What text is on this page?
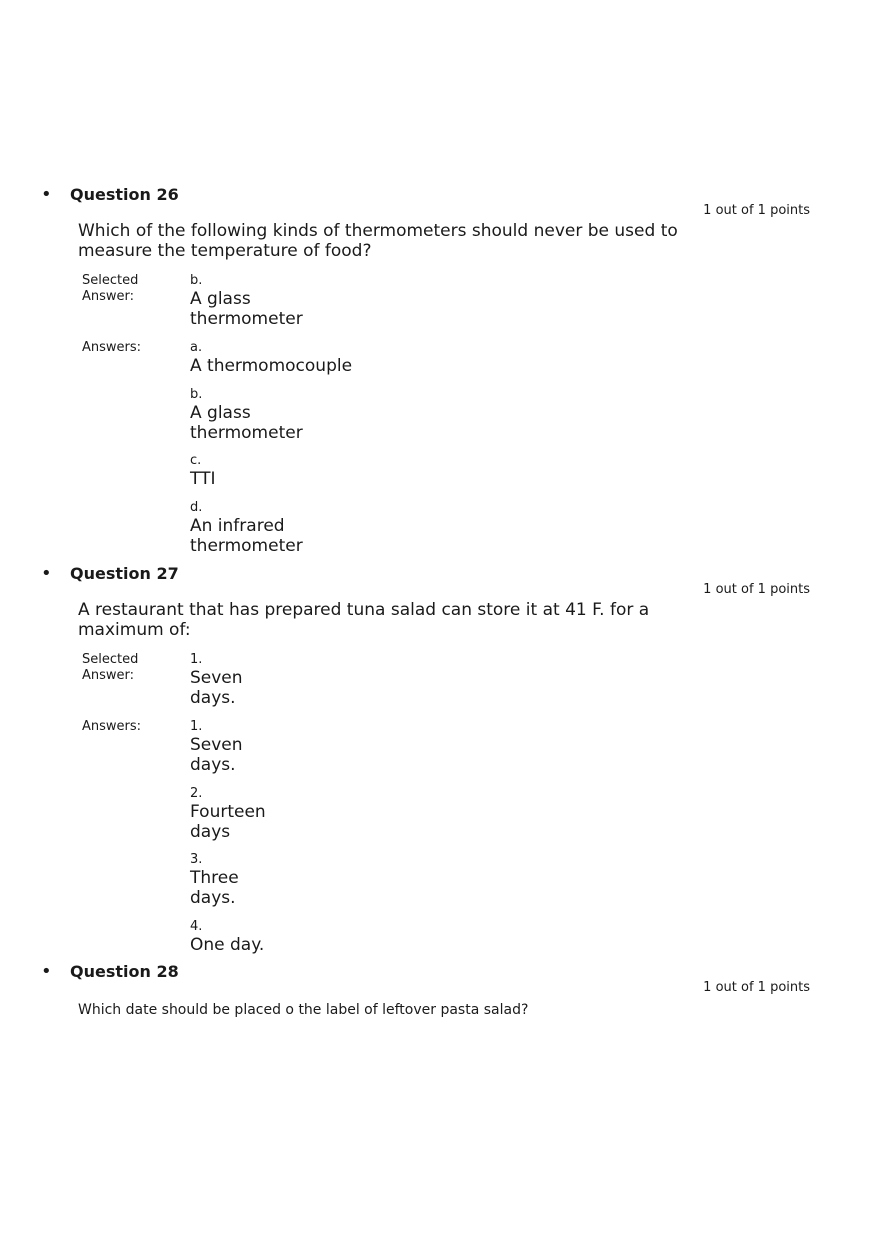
• Question 26
1 out of 1 points
Which of the following kinds of thermometers should never be used to measure the temperature of food?
Selected Answer:
b.
A glass thermometer
Answers:	a.
A thermomocouple
b.
A glass thermometer
c.
TTI
d.
An infrared thermometer
• Question 27
1 out of 1 points
A restaurant that has prepared tuna salad can store it at 41 F. for a maximum of:
Selected Answer:
1.
Seven days.
Answers:	1.
Seven days.
2.
Fourteen days
3.
Three days.
4.
One day.
• Question 28
1 out of 1 points
Which date should be placed o the label of leftover pasta salad?
